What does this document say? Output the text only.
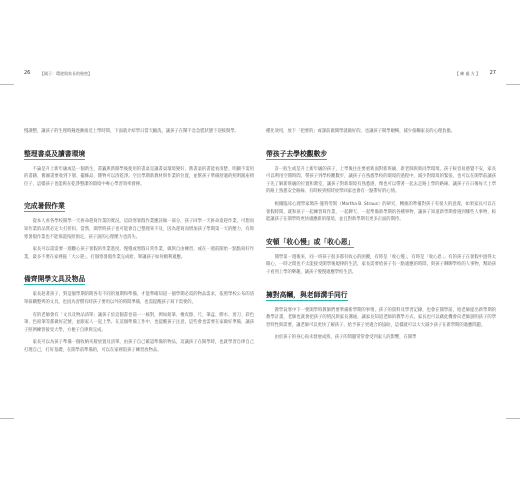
26 【親子：環遊與家長的秘密】

慢調整，讓孩子的生理時鐘逐漸接近上學時間，下面就介紹學日當天顧洗，讓孩子在鬧不急急慌狀態下迎接開學。

整理書桌及讀書環境

不論是升上新年級或是一個新生，書籤與新開學後使用的書桌是讓書桌環境變好，舊書桌的書能看清楚、明顯不需用的書籍、舊圖書要收到下層、擺飾品、雜物可以清乾淨。空出學期新教材與作業的位置，並幫孩子準備舒適的照明跟座椅位子，這樣孩子也能夠在乾淨整潔的環境中專心學習效率發揮。

完成暑假作業

從本人看各學校開學一天拼命趕寫作業的實況，這段寒暑假作業應該做一部分，孩子回學一天拼命追趕作業，可想而知作業的品質必定大打折扣，當然，開學時孩子也可能會自己整理來不及，因為趕寫而增加孩子學期第一天的壓力，有時寒暑假作業也不能保證按照預定，孩子說的心理壓力也消失。

家長可以還需要一週觀心孩子暑假的作業進度，慢慢或寒假日常作業，做與自由練習，或在一週前開始一點點寫好作業，最多不要在家裡拖「大公趕」，打個寒暑假作業完成給，舉讓孩子如何順利適應。

備齊開學文具及物品

家長趁著孩子，對這個學期的期各有不同的預期和準備，才能準確知道一個學期必需的物品需求，依照學校公布的清單採購整齊的文具，也因為習慣有時孩子要用以外的時間準備，也需提醒孩子寫下需要的。

有的老師會有「文具及物品清單」讓孩子於這個書卷前一一核對，例如鉛筆、橡皮擦、尺、筆盒、膠水、剪刀、彩色筆、色鉛筆等都做好記號，並跟家人一起上學。在這個準備工作中，也提醒孩子注意，這些會也需要在家做好準備，讓孩子照例練習接受大學，方便子自律與完成。

家長可以為孩子準備一個收納夾層放置及清單，由孩子自己確認準備的物品，這讓孩子在開學時，也就學習自律自己打理自己，打好基礎，在開學前準備的，可以在家裡陪孩子練習放物品。

【 練 處 方 】 27

種化效用，放下「把要的」或課前做開學就做好的。也讓孩子開學順暢，減少接觸家長的心理負擔。

帶孩子去學校觀數步

許一般生或是升上新年級的孩子，上學後往往要重新面對新班級、新老師與新同學環境，孩子較容易感覺不安，家長可以利用空閒時間，帶孩子到學校觀數步，讓孩子在熟悉學校的環境的過程中，減少對環境的緊張，也可以在開學前讓孩子先了解新班級的位置和教室，讓孩子對新環境有熟悉感，像也可以帶著一起去走路上學的路線，讓孩子在日後每天上學的路上熟悉安全路線，有時候到校時放學回家也會有一點帶好的心情。

根據臨床心理學家瑪莎‧施特勞斯（Martha B. Straus）的研究，轉換的準備對孩子有很大的意義，如果家長可以在暑假時間，就和孩子一起練習寫作業、一起聊天、一起準備新學期的各種事物，讓孩子知道新學期會遇到哪些人事物，較能讓孩子在開學時更快適應新的環境，並且對新學期有更多正面的期待。

安頓「收心慢」或「收心恩」

開學第一週後來，同一班孩子很多都有收心的困擾，有時是「收心慢」，有時是「收心恩」。有的孩子在暑假中過得太開心，一時之間也不太能接受開學後規律的生活，家長需要給孩子有一點適應的時間，與孩子聊聊學校的人事物，幫助孩子看到上學的樂趣，讓孩子慢慢適應學校生活。

擁對高幗，與老師溝手同行

教學貧寒中下一要開學時教師們要準備新學期的事情，孩子的資料及學習記錄，也會在開學前，給老師提出新學期的教學計畫，老師也就會把孩子的情況與家長溝通，讓家長知道老師的教學方式，家長也可以藉此機會向老師說明孩子的學習特性與需要，讓老師可以更快了解孩子，給予孩子更適合的協助，這樣就可以大大減少孩子在新學期的適應問題。

由於孩子的身心尚未發展成熟，孩子的問題常常會受到家人的影響，在開學
